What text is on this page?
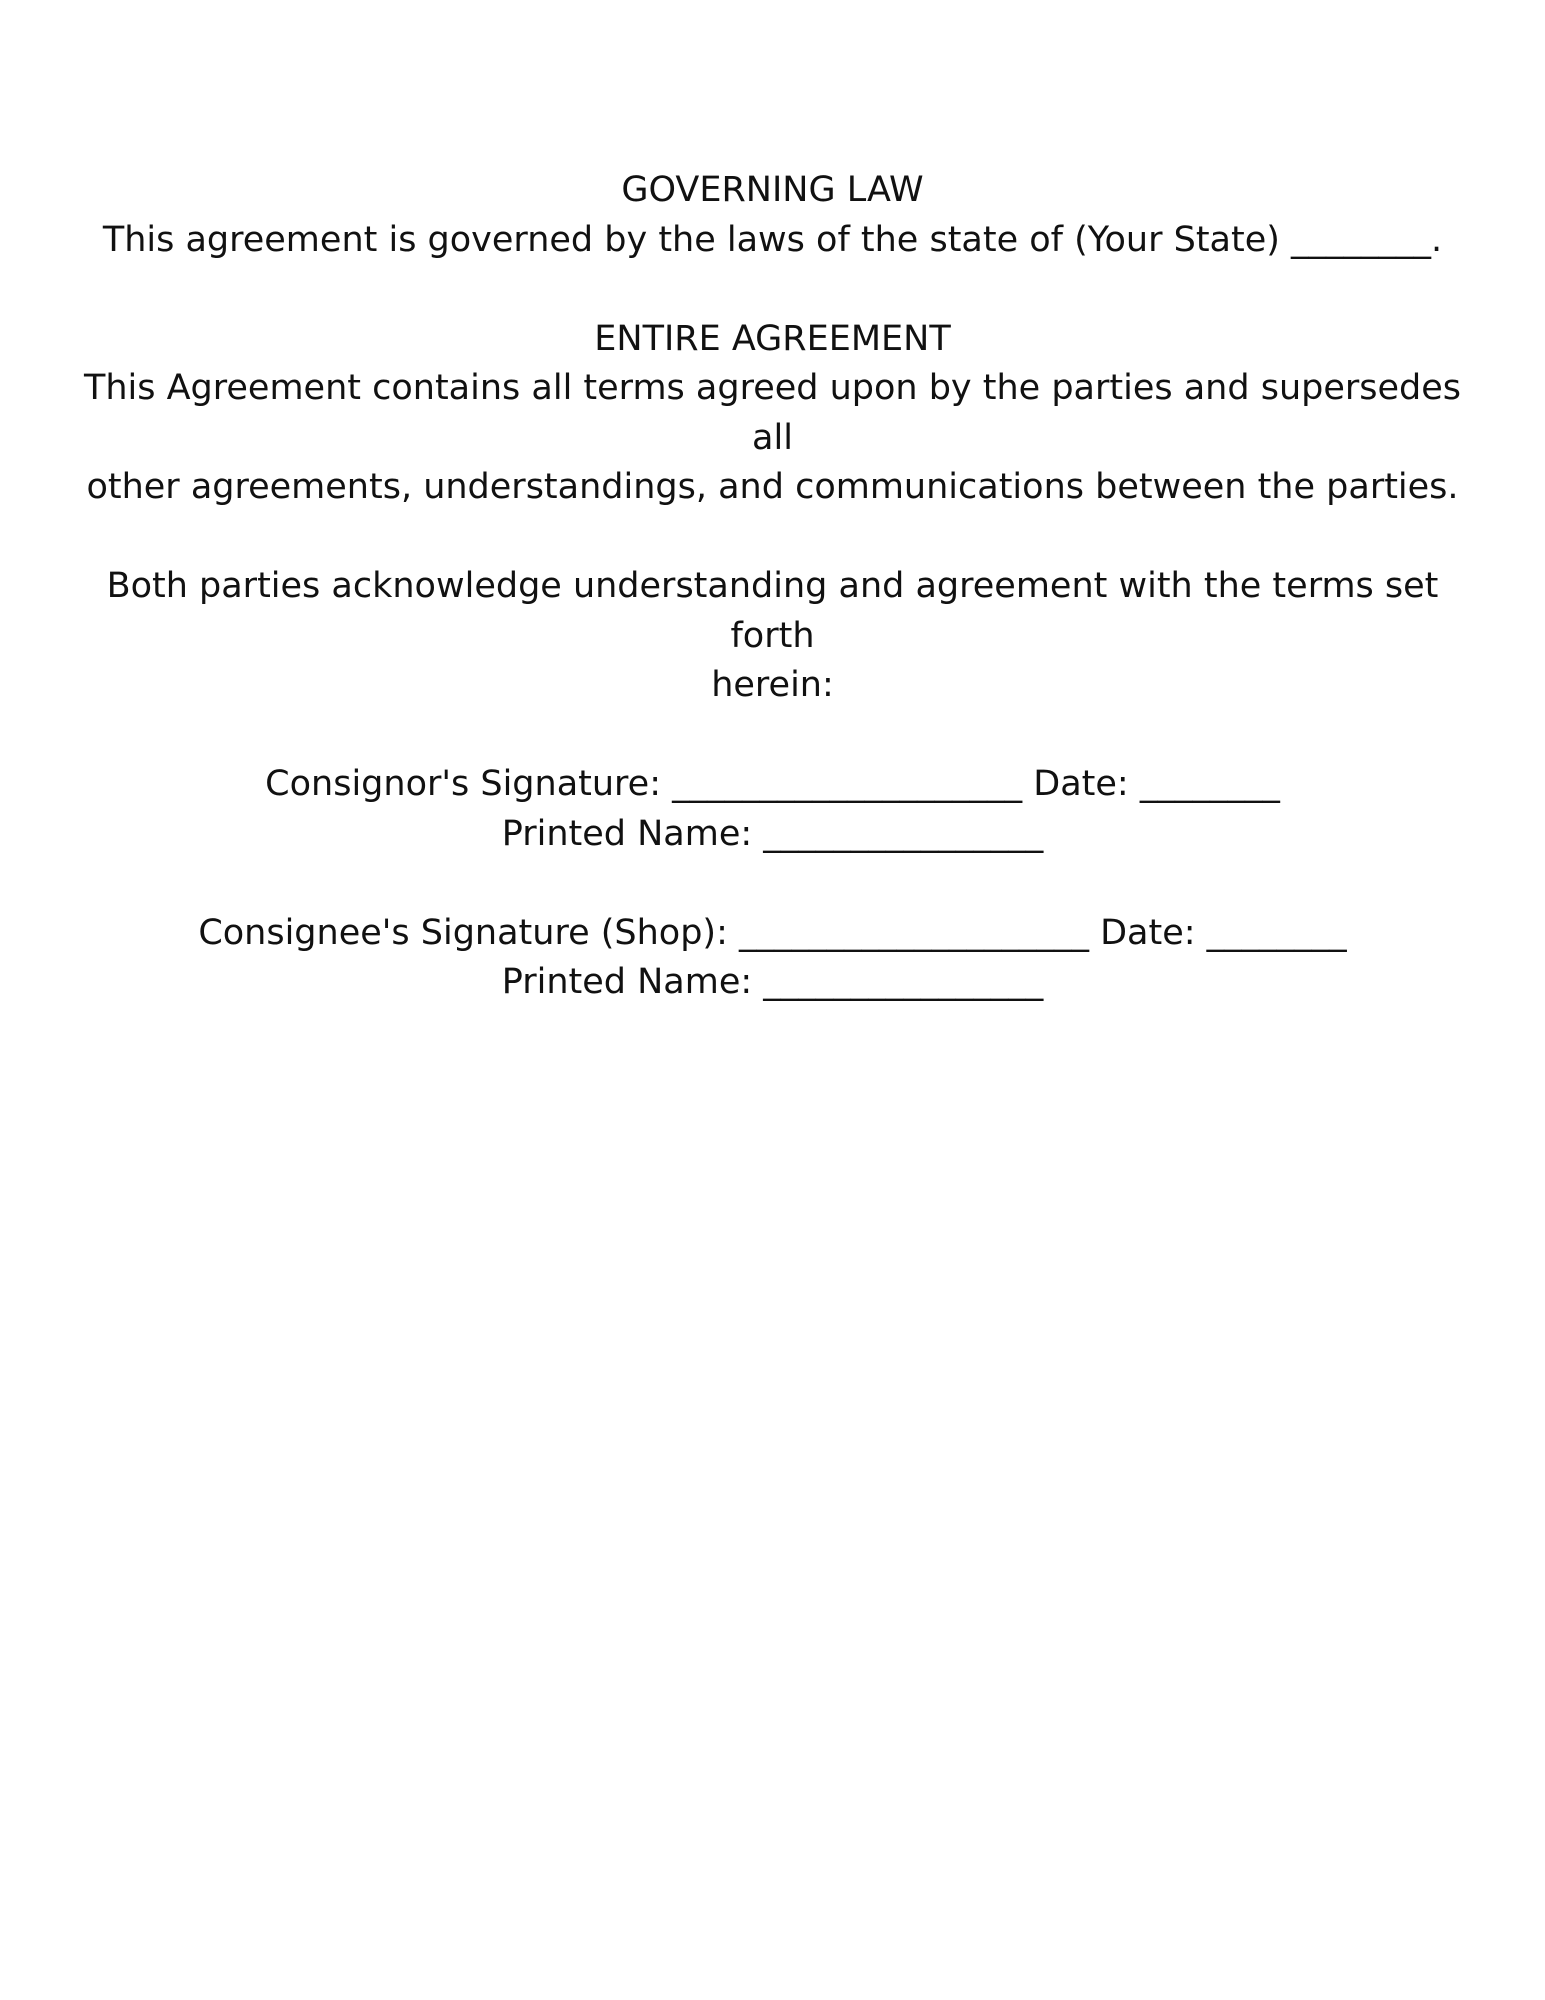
GOVERNING LAW

This agreement is governed by the laws of the state of (Your State) ________.

ENTIRE AGREEMENT

This Agreement contains all terms agreed upon by the parties and supersedes all

other agreements, understandings, and communications between the parties.

Both parties acknowledge understanding and agreement with the terms set forth

herein:

Consignor's Signature: ____________________ Date: ________

Printed Name: ________________

Consignee's Signature (Shop): ____________________ Date: ________

Printed Name: ________________
